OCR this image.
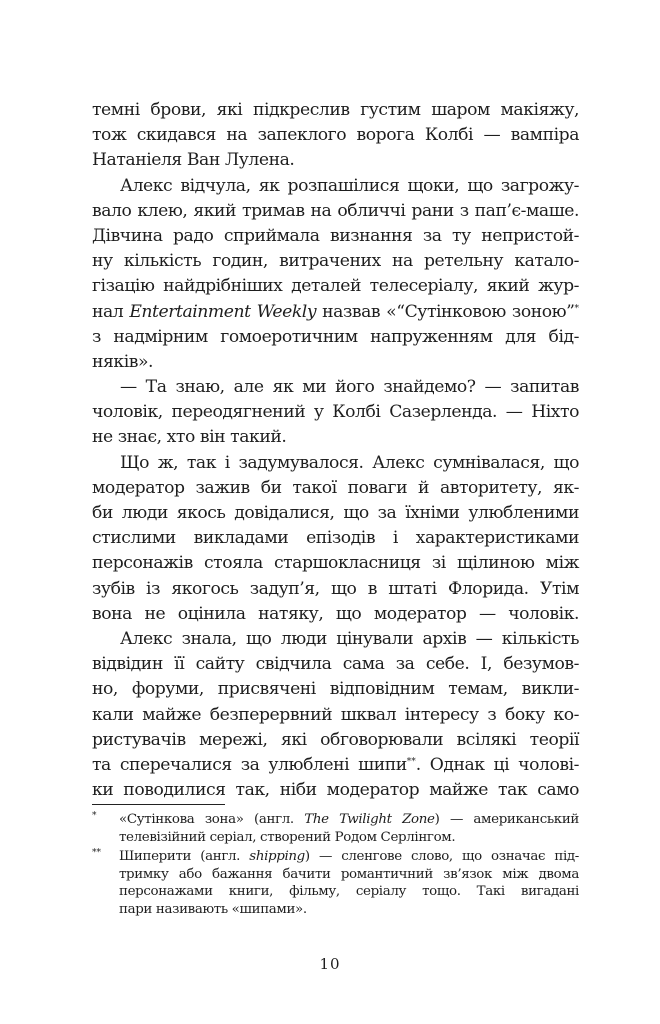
темні брови, які підкреслив густим шаром макіяжу,
тож скидався на запеклого ворога Колбі — вампіра
Натаніеля Ван Лулена.
Алекс відчула, як розпашілися щоки, що загрожу-
вало клею, який тримав на обличчі рани з пап’є-маше.
Дівчина радо сприймала визнання за ту непристой-
ну кількість годин, витрачених на ретельну катало-
гізацію найдрібніших деталей телесеріалу, який жур-
нал Entertainment Weekly назвав «“Сутінковою зоною”*
з надмірним гомоеротичним напруженням для бід-
няків».
— Та знаю, але як ми його знайдемо? — запитав
чоловік, переодягнений у Колбі Сазерленда. — Ніхто
не знає, хто він такий.
Що ж, так і задумувалося. Алекс сумнівалася, що
модератор зажив би такої поваги й авторитету, як-
би люди якось довідалися, що за їхніми улюбленими
стислими викладами епізодів і характеристиками
персонажів стояла старшокласниця зі щілиною між
зубів із якогось задуп’я, що в штаті Флорида. Утім
вона не оцінила натяку, що модератор — чоловік.
Алекс знала, що люди цінували архів — кількість
відвідин її сайту свідчила сама за себе. І, безумов-
но, форуми, присвячені відповідним темам, викли-
кали майже безперервний шквал інтересу з боку ко-
ристувачів мережі, які обговорювали всілякі теорії
та сперечалися за улюблені шипи**. Однак ці чолові-
ки поводилися так, ніби модератор майже так само
* «Сутінкова зона» (англ. The Twilight Zone) — американський
телевізійний серіал, створений Родом Серлінгом.
** Шиперити (англ. shipping) — сленгове слово, що означає під-
тримку або бажання бачити романтичний зв’язок між двома
персонажами книги, фільму, серіалу тощо. Такі вигадані
пари називають «шипами».
10
